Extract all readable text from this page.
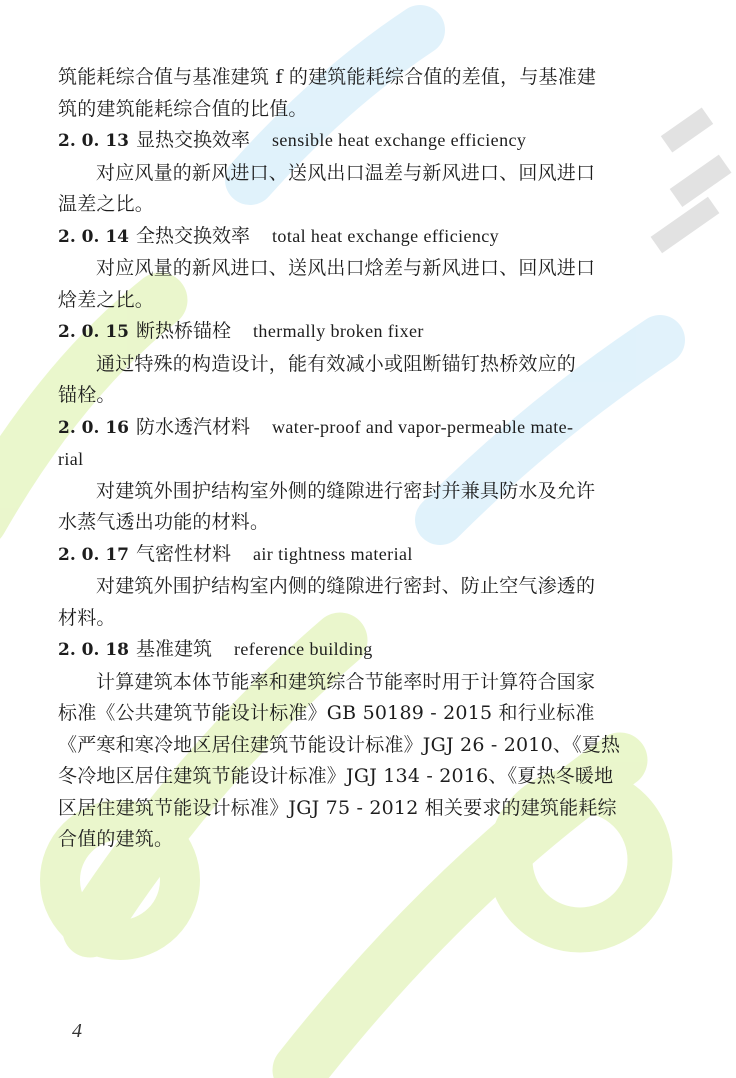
筑能耗综合值与基准建筑 f 的建筑能耗综合值的差值，与基准建
筑的建筑能耗综合值的比值。
2. 0. 13 显热交换效率 sensible heat exchange efficiency
对应风量的新风进口、送风出口温差与新风进口、回风进口
温差之比。
2. 0. 14 全热交换效率 total heat exchange efficiency
对应风量的新风进口、送风出口焓差与新风进口、回风进口
焓差之比。
2. 0. 15 断热桥锚栓 thermally broken fixer
通过特殊的构造设计，能有效减小或阻断锚钉热桥效应的
锚栓。
2. 0. 16 防水透汽材料 water-proof and vapor-permeable mate-
rial
对建筑外围护结构室外侧的缝隙进行密封并兼具防水及允许
水蒸气透出功能的材料。
2. 0. 17 气密性材料 air tightness material
对建筑外围护结构室内侧的缝隙进行密封、防止空气渗透的
材料。
2. 0. 18 基准建筑 reference building
计算建筑本体节能率和建筑综合节能率时用于计算符合国家
标准《公共建筑节能设计标准》GB 50189 - 2015 和行业标准
《严寒和寒冷地区居住建筑节能设计标准》JGJ 26 - 2010、《夏热
冬冷地区居住建筑节能设计标准》JGJ 134 - 2016、《夏热冬暖地
区居住建筑节能设计标准》JGJ 75 - 2012 相关要求的建筑能耗综
合值的建筑。
4
